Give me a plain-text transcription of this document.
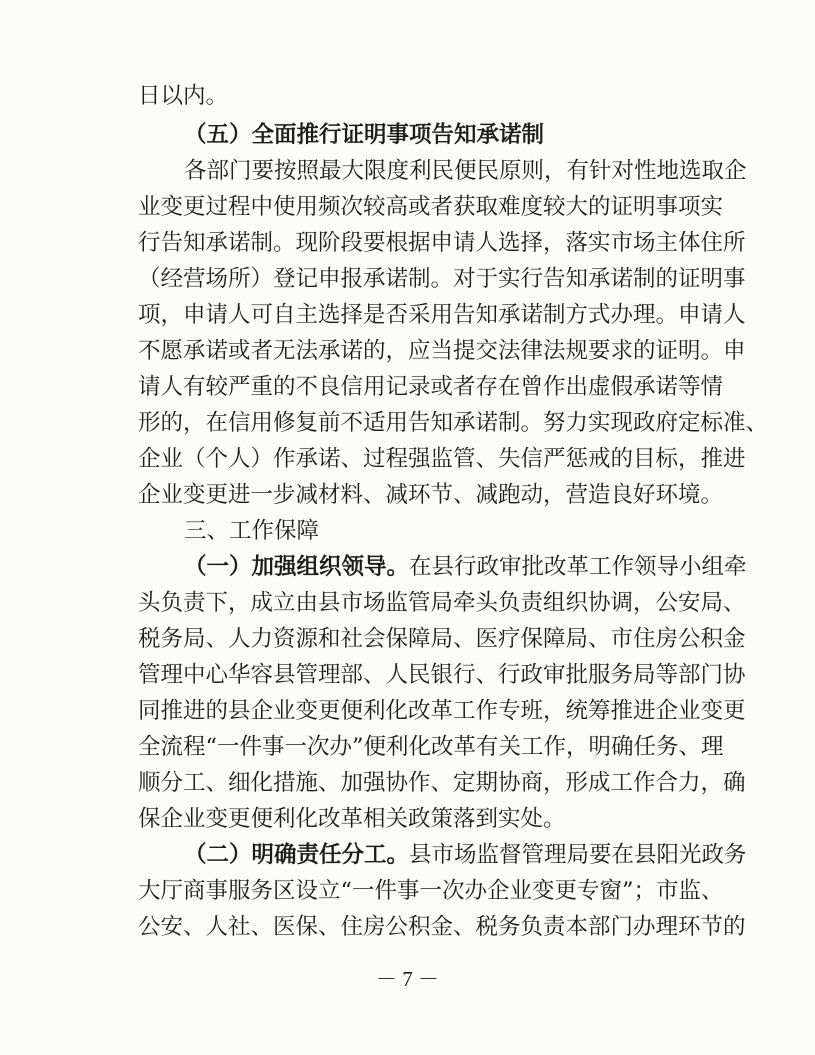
日以内。
（五）全面推行证明事项告知承诺制
各部门要按照最大限度利民便民原则，有针对性地选取企
业变更过程中使用频次较高或者获取难度较大的证明事项实
行告知承诺制。现阶段要根据申请人选择，落实市场主体住所
（经营场所）登记申报承诺制。对于实行告知承诺制的证明事
项，申请人可自主选择是否采用告知承诺制方式办理。申请人
不愿承诺或者无法承诺的，应当提交法律法规要求的证明。申
请人有较严重的不良信用记录或者存在曾作出虚假承诺等情
形的，在信用修复前不适用告知承诺制。努力实现政府定标准、
企业（个人）作承诺、过程强监管、失信严惩戒的目标，推进
企业变更进一步减材料、减环节、减跑动，营造良好环境。
三、工作保障
（一）加强组织领导。在县行政审批改革工作领导小组牵
头负责下，成立由县市场监管局牵头负责组织协调，公安局、
税务局、人力资源和社会保障局、医疗保障局、市住房公积金
管理中心华容县管理部、人民银行、行政审批服务局等部门协
同推进的县企业变更便利化改革工作专班，统筹推进企业变更
全流程“一件事一次办”便利化改革有关工作，明确任务、理
顺分工、细化措施、加强协作、定期协商，形成工作合力，确
保企业变更便利化改革相关政策落到实处。
（二）明确责任分工。县市场监督管理局要在县阳光政务
大厅商事服务区设立“一件事一次办企业变更专窗”；市监、
公安、人社、医保、住房公积金、税务负责本部门办理环节的
－ 7 －
